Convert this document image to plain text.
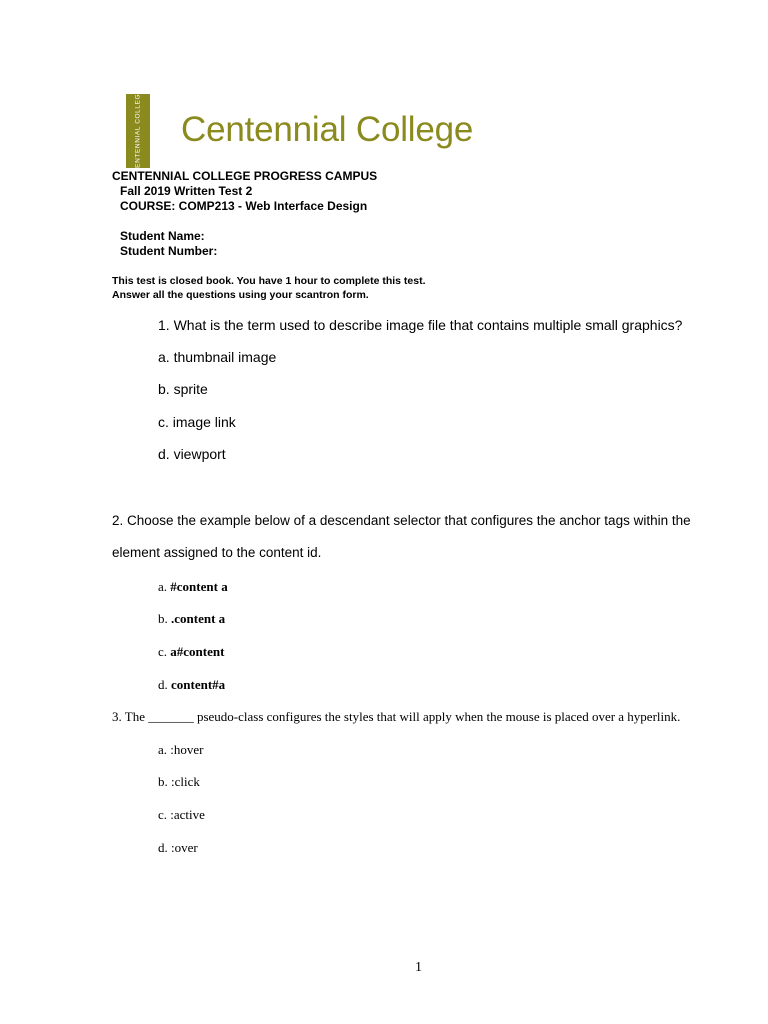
CENTENNIAL COLLEGE Centennial College
CENTENNIAL COLLEGE PROGRESS CAMPUS
Fall 2019 Written Test 2
COURSE: COMP213 - Web Interface Design
Student Name:
Student Number:
This test is closed book. You have 1 hour to complete this test.
Answer all the questions using your scantron form.
1. What is the term used to describe image file that contains multiple small graphics?
a. thumbnail image
b. sprite
c. image link
d. viewport
2. Choose the example below of a descendant selector that configures the anchor tags within the
element assigned to the content id.
a. #content a
b. .content a
c. a#content
d. content#a
3. The _______ pseudo-class configures the styles that will apply when the mouse is placed over a hyperlink.
a. :hover
b. :click
c. :active
d. :over
1
